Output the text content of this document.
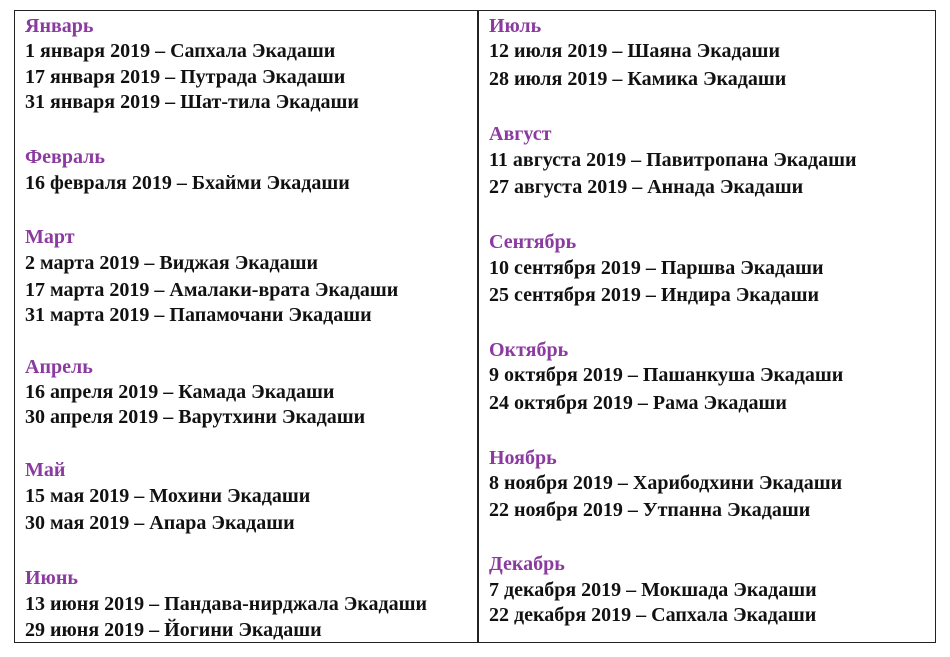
Январь
1 января 2019 – Сапхала Экадаши
17 января 2019 – Путрада Экадаши
31 января 2019 – Шат-тила Экадаши
Февраль
16 февраля 2019 – Бхайми Экадаши
Март
2 марта 2019 – Виджая Экадаши
17 марта 2019 – Амалаки-врата Экадаши
31 марта 2019 – Папамочани Экадаши
Апрель
16 апреля 2019 – Камада Экадаши
30 апреля 2019 – Варутхини Экадаши
Май
15 мая 2019 – Мохини Экадаши
30 мая 2019 – Апара Экадаши
Июнь
13 июня 2019 – Пандава-нирджала Экадаши
29 июня 2019 – Йогини Экадаши
Июль
12 июля 2019 – Шаяна Экадаши
28 июля 2019 – Камика Экадаши
Август
11 августа 2019 – Павитропана Экадаши
27 августа 2019 – Аннада Экадаши
Сентябрь
10 сентября 2019 – Паршва Экадаши
25 сентября 2019 – Индира Экадаши
Октябрь
9 октября 2019 – Пашанкуша Экадаши
24 октября 2019 – Рама Экадаши
Ноябрь
8 ноября 2019 – Харибодхини Экадаши
22 ноября 2019 – Утпанна Экадаши
Декабрь
7 декабря 2019 – Мокшада Экадаши
22 декабря 2019 – Сапхала Экадаши
